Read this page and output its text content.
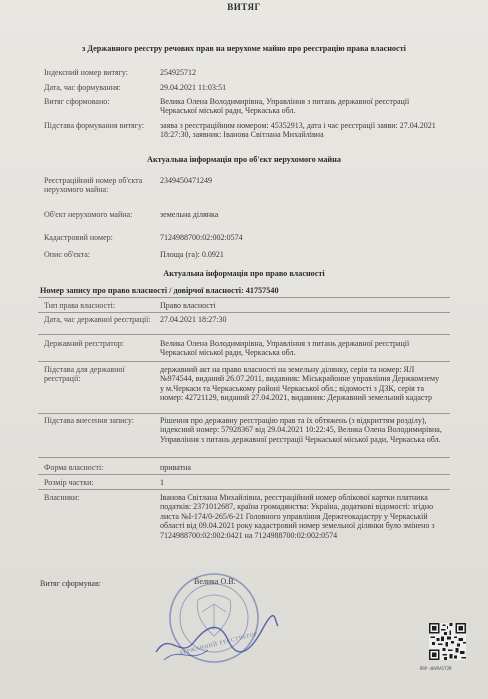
ВИТЯГ
з Державного реєстру речових прав на нерухоме майно про реєстрацію права власності
Індексний номер витягу:	254925712
Дата, час формування:	29.04.2021 11:03:51
Витяг сформовано:	Велика Олена Володимирівна, Управління з питань державної реєстрації Черкаської міської ради, Черкаська обл.
Підстава формування витягу:	заява з реєстраційним номером: 45352913, дата і час реєстрації заяви: 27.04.2021 18:27:30, заявник: Іванова Світлана Михайлівна
Актуальна інформація про об'єкт нерухомого майна
Реєстраційний номер об'єкта нерухомого майна:
2349450471249
Об'єкт нерухомого майна:	земельна ділянка
Кадастровий номер:	7124988700:02:002:0574
Опис об'єкта:	Площа (га): 0.0921
Актуальна інформація про право власності
Номер запису про право власності / довірчої власності: 41757540
Тип права власності:	Право власності
Дата, час державної реєстрації:	27.04.2021 18:27:30
Державний реєстратор:	Велика Олена Володимирівна, Управління з питань державної реєстрації Черкаської міської ради, Черкаська обл.
Підстава для державної реєстрації:
державний акт на право власності на земельну ділянку, серія та номер: ЯЛ №974544, виданий 26.07.2011, видавник: Міськрайонне управління Держкомзему у м.Черкаси та Черкаському районі Черкаської обл.; відомості з ДЗК, серія та номер: 42721129, виданий 27.04.2021, видавник: Державний земельний кадастр
Підстава внесення запису:	Рішення про державну реєстрацію прав та їх обтяжень (з відкриттям розділу), індексний номер: 57928367 від 29.04.2021 10:22:45, Велика Олена Володимирівна, Управління з питань державної реєстрації Черкаської міської ради, Черкаська обл.
Форма власності:	приватна
Розмір частки:	1
Власники:	Іванова Світлана Михайлівна, реєстраційний номер облікової картки платника податків: 2371012687, країна громадянства: Україна, додаткові відомості: згідно листа №І-174/0-265/6-21 Головного управління Держгеокадастру у Черкаській області від 09.04.2021 року кадастровий номер земельної ділянки було змінено з 7124988700:02:002:0421 на 7124988700:02:002:0574
Витяг сформував:
ДЕРЖАВНИЙ РЕЄСТРАТОР
Велика О.В.
RRP-4HV9A5T3M
